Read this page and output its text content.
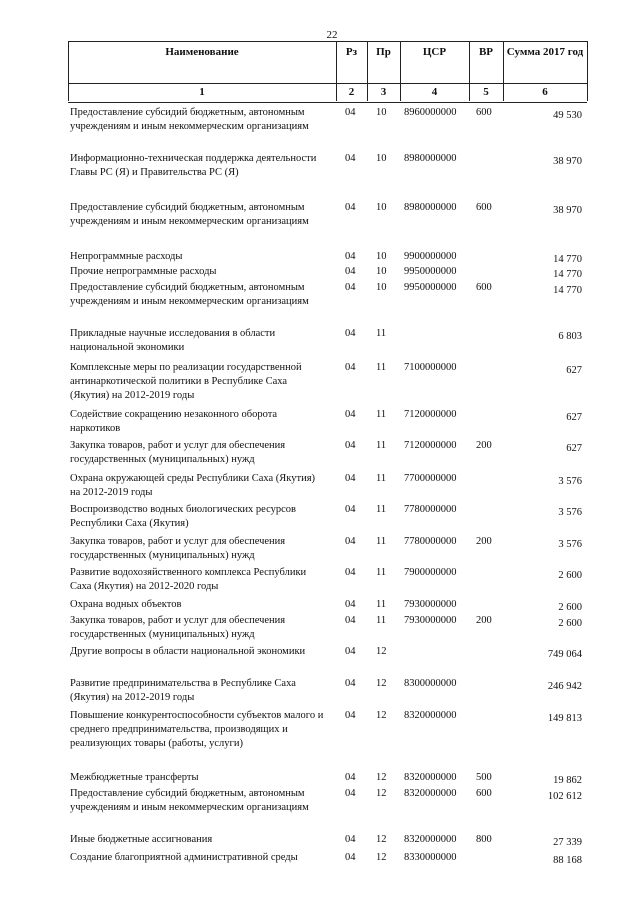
22
Наименование	Рз	Пр	ЦСР	ВР	Сумма 2017 год
1	2	3	4	5	6
Предоставление субсидий бюджетным, автономным
учреждениям и иным некоммерческим организациям
04 10 8960000000 600	49 530
Информационно-техническая поддержка деятельности
Главы РС (Я) и Правительства РС (Я)
04 10 8980000000	38 970
Предоставление субсидий бюджетным, автономным
учреждениям и иным некоммерческим организациям
04 10 8980000000 600	38 970
Непрограммные расходы	04 10 9900000000	14 770
Прочие непрограммные расходы	04 10 9950000000	14 770
Предоставление субсидий бюджетным, автономным
учреждениям и иным некоммерческим организациям
04 10 9950000000 600	14 770
Прикладные научные исследования в области
национальной экономики
04 11	6 803
Комплексные меры по реализации государственной
антинаркотической политики в Республике Саха
(Якутия) на 2012-2019 годы
04 11 7100000000	627
Содействие сокращению незаконного оборота
наркотиков
04 11 7120000000	627
Закупка товаров, работ и услуг для обеспечения
государственных (муниципальных) нужд
04 11 7120000000 200	627
Охрана окружающей среды Республики Саха (Якутия)
на 2012-2019 годы
04 11 7700000000	3 576
Воспроизводство водных биологических ресурсов
Республики Саха (Якутия)
04 11 7780000000	3 576
Закупка товаров, работ и услуг для обеспечения
государственных (муниципальных) нужд
04 11 7780000000 200	3 576
Развитие водохозяйственного комплекса Республики
Саха (Якутия) на 2012-2020 годы
04 11 7900000000	2 600
Охрана водных объектов	04 11 7930000000	2 600
Закупка товаров, работ и услуг для обеспечения
государственных (муниципальных) нужд
04 11 7930000000 200	2 600
Другие вопросы в области национальной экономики	04 12	749 064
Развитие предпринимательства в Республике Саха
(Якутия) на 2012-2019 годы
04 12 8300000000	246 942
Повышение конкурентоспособности субъектов малого и
среднего предпринимательства, производящих и
реализующих товары (работы, услуги)
04 12 8320000000	149 813
Межбюджетные трансферты	04 12 8320000000 500	19 862
Предоставление субсидий бюджетным, автономным
учреждениям и иным некоммерческим организациям
04 12 8320000000 600	102 612
Иные бюджетные ассигнования	04 12 8320000000 800	27 339
Создание благоприятной административной среды	04 12 8330000000	88 168
